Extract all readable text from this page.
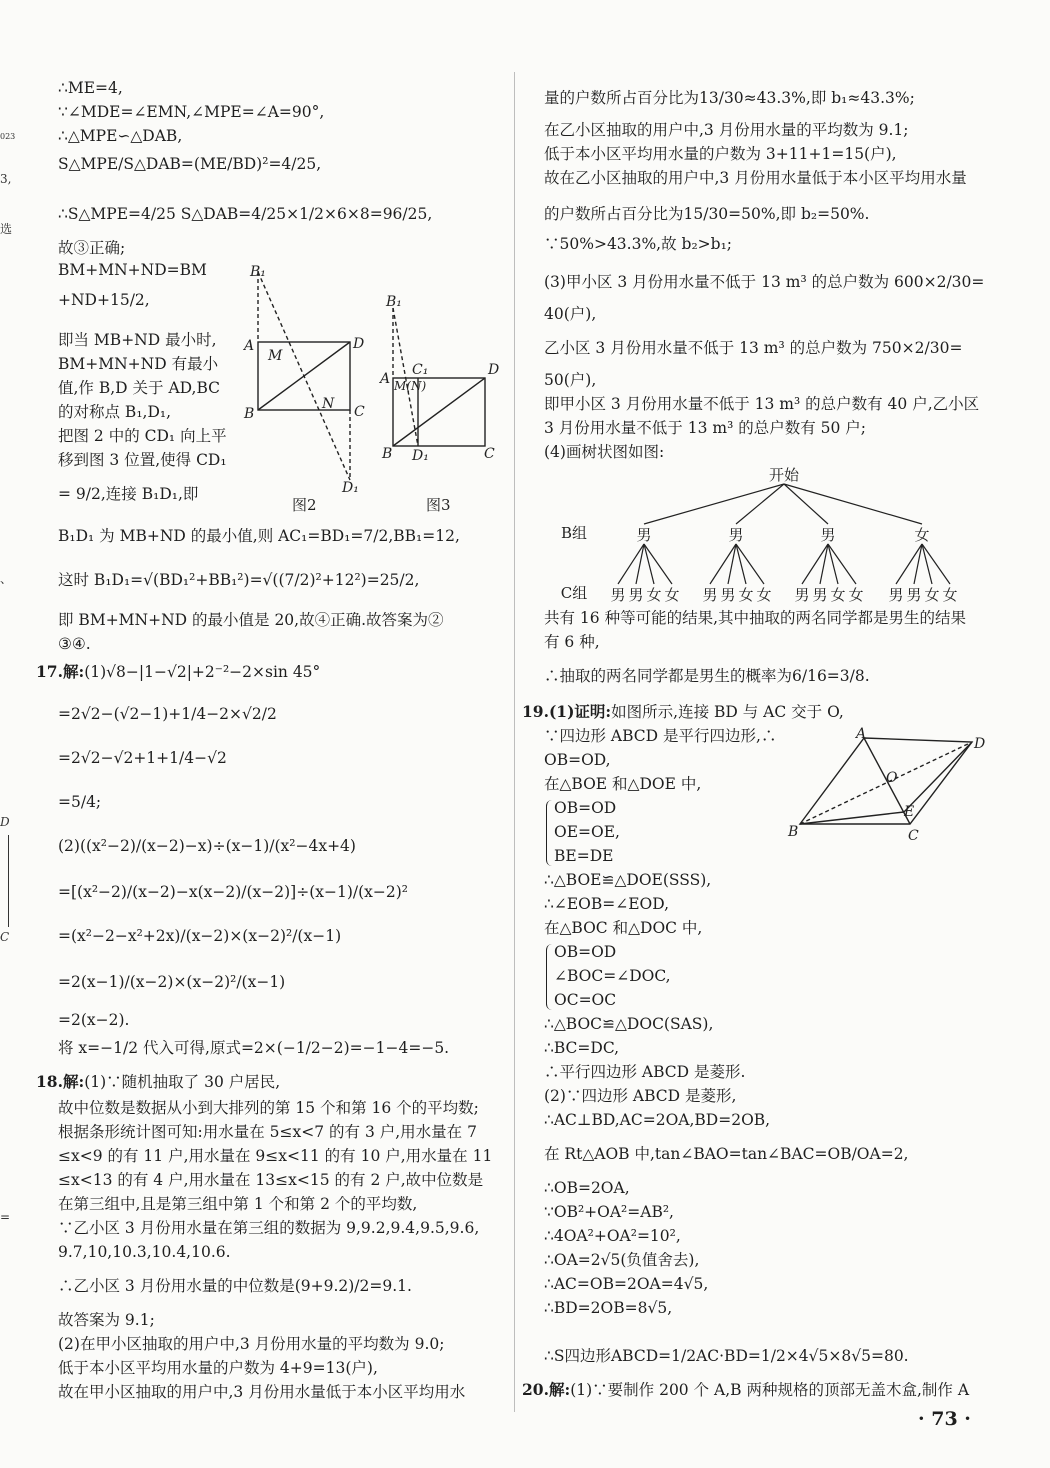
023
3,
选
、
D
C
=
∴ME=4,
∵∠MDE=∠EMN,∠MPE=∠A=90°,
∴△MPE∽△DAB,
S△MPE/S△DAB=(ME/BD)²=4/25,
∴S△MPE=4/25 S△DAB=4/25×1/2×6×8=96/25,
故③正确;
BM+MN+ND=BM
+ND+15/2,
即当 MB+ND 最小时,
BM+MN+ND 有最小
值,作 B,D 关于 AD,BC
的对称点 B₁,D₁,
把图 2 中的 CD₁ 向上平
移到图 3 位置,使得 CD₁
= 9/2,连接 B₁D₁,即
B₁D₁ 为 MB+ND 的最小值,则 AC₁=BD₁=7/2,BB₁=12,
这时 B₁D₁=√(BD₁²+BB₁²)=√((7/2)²+12²)=25/2,
即 BM+MN+ND 的最小值是 20,故④正确.故答案为②
③④.
17.解:(1)√8−|1−√2|+2⁻²−2×sin 45°
=2√2−(√2−1)+1/4−2×√2/2
=2√2−√2+1+1/4−√2
=5/4;
(2)((x²−2)/(x−2)−x)÷(x−1)/(x²−4x+4)
=[(x²−2)/(x−2)−x(x−2)/(x−2)]÷(x−1)/(x−2)²
=(x²−2−x²+2x)/(x−2)×(x−2)²/(x−1)
=2(x−1)/(x−2)×(x−2)²/(x−1)
=2(x−2).
将 x=−1/2 代入可得,原式=2×(−1/2−2)=−1−4=−5.
18.解:(1)∵随机抽取了 30 户居民,
故中位数是数据从小到大排列的第 15 个和第 16 个的平均数;
根据条形统计图可知:用水量在 5≤x<7 的有 3 户,用水量在 7
≤x<9 的有 11 户,用水量在 9≤x<11 的有 10 户,用水量在 11
≤x<13 的有 4 户,用水量在 13≤x<15 的有 2 户,故中位数是
在第三组中,且是第三组中第 1 个和第 2 个的平均数,
∵乙小区 3 月份用水量在第三组的数据为 9,9.2,9.4,9.5,9.6,
9.7,10,10.3,10.4,10.6.
∴乙小区 3 月份用水量的中位数是(9+9.2)/2=9.1.
故答案为 9.1;
(2)在甲小区抽取的用户中,3 月份用水量的平均数为 9.0;
低于本小区平均用水量的户数为 4+9=13(户),
故在甲小区抽取的用户中,3 月份用水量低于本小区平均用水
B₁
A
M
D
B
N C
D₁
B₁
A
C₁
M(N)
D
B D₁	C
图2	图3
量的户数所占百分比为13/30≈43.3%,即 b₁≈43.3%;
在乙小区抽取的用户中,3 月份用水量的平均数为 9.1;
低于本小区平均用水量的户数为 3+11+1=15(户),
故在乙小区抽取的用户中,3 月份用水量低于本小区平均用水量
的户数所占百分比为15/30=50%,即 b₂=50%.
∵50%>43.3%,故 b₂>b₁;
(3)甲小区 3 月份用水量不低于 13 m³ 的总户数为 600×2/30=
40(户),
乙小区 3 月份用水量不低于 13 m³ 的总户数为 750×2/30=
50(户),
即甲小区 3 月份用水量不低于 13 m³ 的总户数有 40 户,乙小区
3 月份用水量不低于 13 m³ 的总户数有 50 户;
(4)画树状图如图:
共有 16 种等可能的结果,其中抽取的两名同学都是男生的结果
有 6 种,
∴抽取的两名同学都是男生的概率为6/16=3/8.
19.(1)证明:如图所示,连接 BD 与 AC 交于 O,
∵四边形 ABCD 是平行四边形,∴
OB=OD,
在△BOE 和△DOE 中,
OB=OD
OE=OE,
BE=DE
∴△BOE≌△DOE(SSS),
∴∠EOB=∠EOD,
在△BOC 和△DOC 中,
OB=OD
∠BOC=∠DOC,
OC=OC
∴△BOC≌△DOC(SAS),
∴BC=DC,
∴平行四边形 ABCD 是菱形.
(2)∵四边形 ABCD 是菱形,
∴AC⊥BD,AC=2OA,BD=2OB,
在 Rt△AOB 中,tan∠BAO=tan∠BAC=OB/OA=2,
∴OB=2OA,
∵OB²+OA²=AB²,
∴4OA²+OA²=10²,
∴OA=2√5(负值舍去),
∴AC=OB=2OA=4√5,
∴BD=2OB=8√5,
∴S四边形ABCD=1/2AC·BD=1/2×4√5×8√5=80.
20.解:(1)∵要制作 200 个 A,B 两种规格的顶部无盖木盒,制作 A
开始
B组
C组
男	男	男	女
男 男 女 女 男 男 女 女 男 男 女 女 男 男 女 女
A
D
O
E
B	C
· 73 ·
